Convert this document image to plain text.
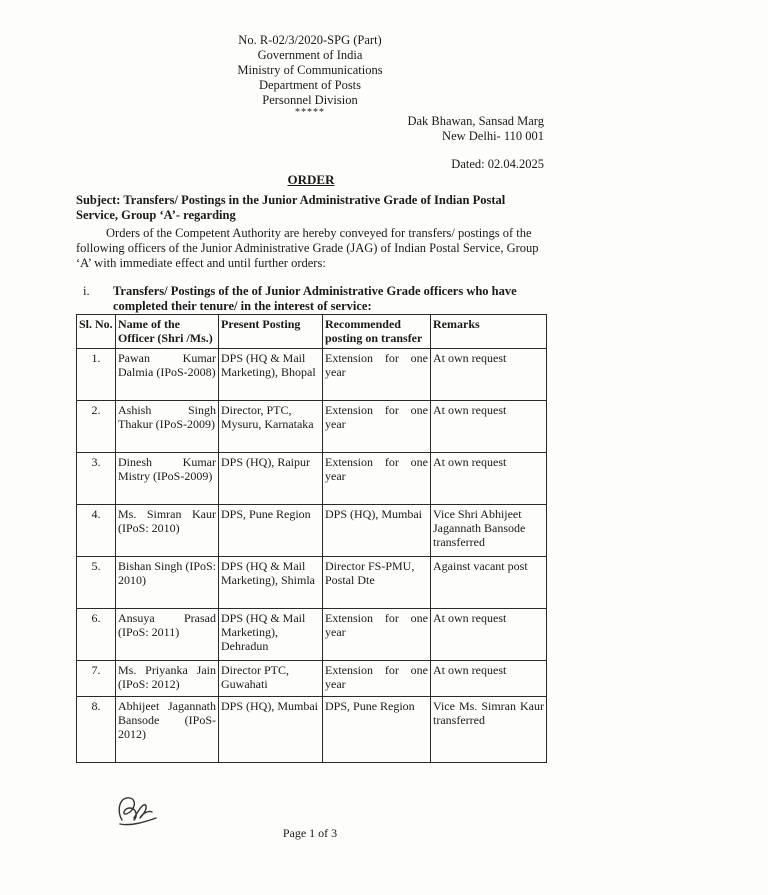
No. R-02/3/2020-SPG (Part)
Government of India
Ministry of Communications
Department of Posts
Personnel Division
*****
Dak Bhawan, Sansad Marg
New Delhi- 110 001
Dated: 02.04.2025
ORDER
Subject: Transfers/ Postings in the Junior Administrative Grade of Indian Postal Service, Group ‘A’- regarding
Orders of the Competent Authority are hereby conveyed for transfers/ postings of the following officers of the Junior Administrative Grade (JAG) of Indian Postal Service, Group ‘A’ with immediate effect and until further orders:
i.	Transfers/ Postings of the of Junior Administrative Grade officers who have completed their tenure/ in the interest of service:
Sl. No.	Name of the Officer (Shri /Ms.)	Present Posting	Recommended posting on transfer	Remarks
1.	Pawan Kumar Dalmia (IPoS-2008)	DPS (HQ & Mail Marketing), Bhopal	Extension for one year	At own request
2.	Ashish Singh Thakur (IPoS-2009)	Director, PTC, Mysuru, Karnataka	Extension for one year	At own request
3.	Dinesh Kumar Mistry (IPoS-2009)	DPS (HQ), Raipur	Extension for one year	At own request
4.	Ms. Simran Kaur (IPoS: 2010)	DPS, Pune Region	DPS (HQ), Mumbai	Vice Shri Abhijeet Jagannath Bansode transferred
5.	Bishan Singh (IPoS: 2010)	DPS (HQ & Mail Marketing), Shimla	Director FS-PMU, Postal Dte	Against vacant post
6.	Ansuya Prasad (IPoS: 2011)	DPS (HQ & Mail Marketing), Dehradun	Extension for one year	At own request
7.	Ms. Priyanka Jain (IPoS: 2012)	Director PTC, Guwahati	Extension for one year	At own request
8.	Abhijeet Jagannath Bansode (IPoS-2012)	DPS (HQ), Mumbai	DPS, Pune Region	Vice Ms. Simran Kaur transferred
Page 1 of 3
